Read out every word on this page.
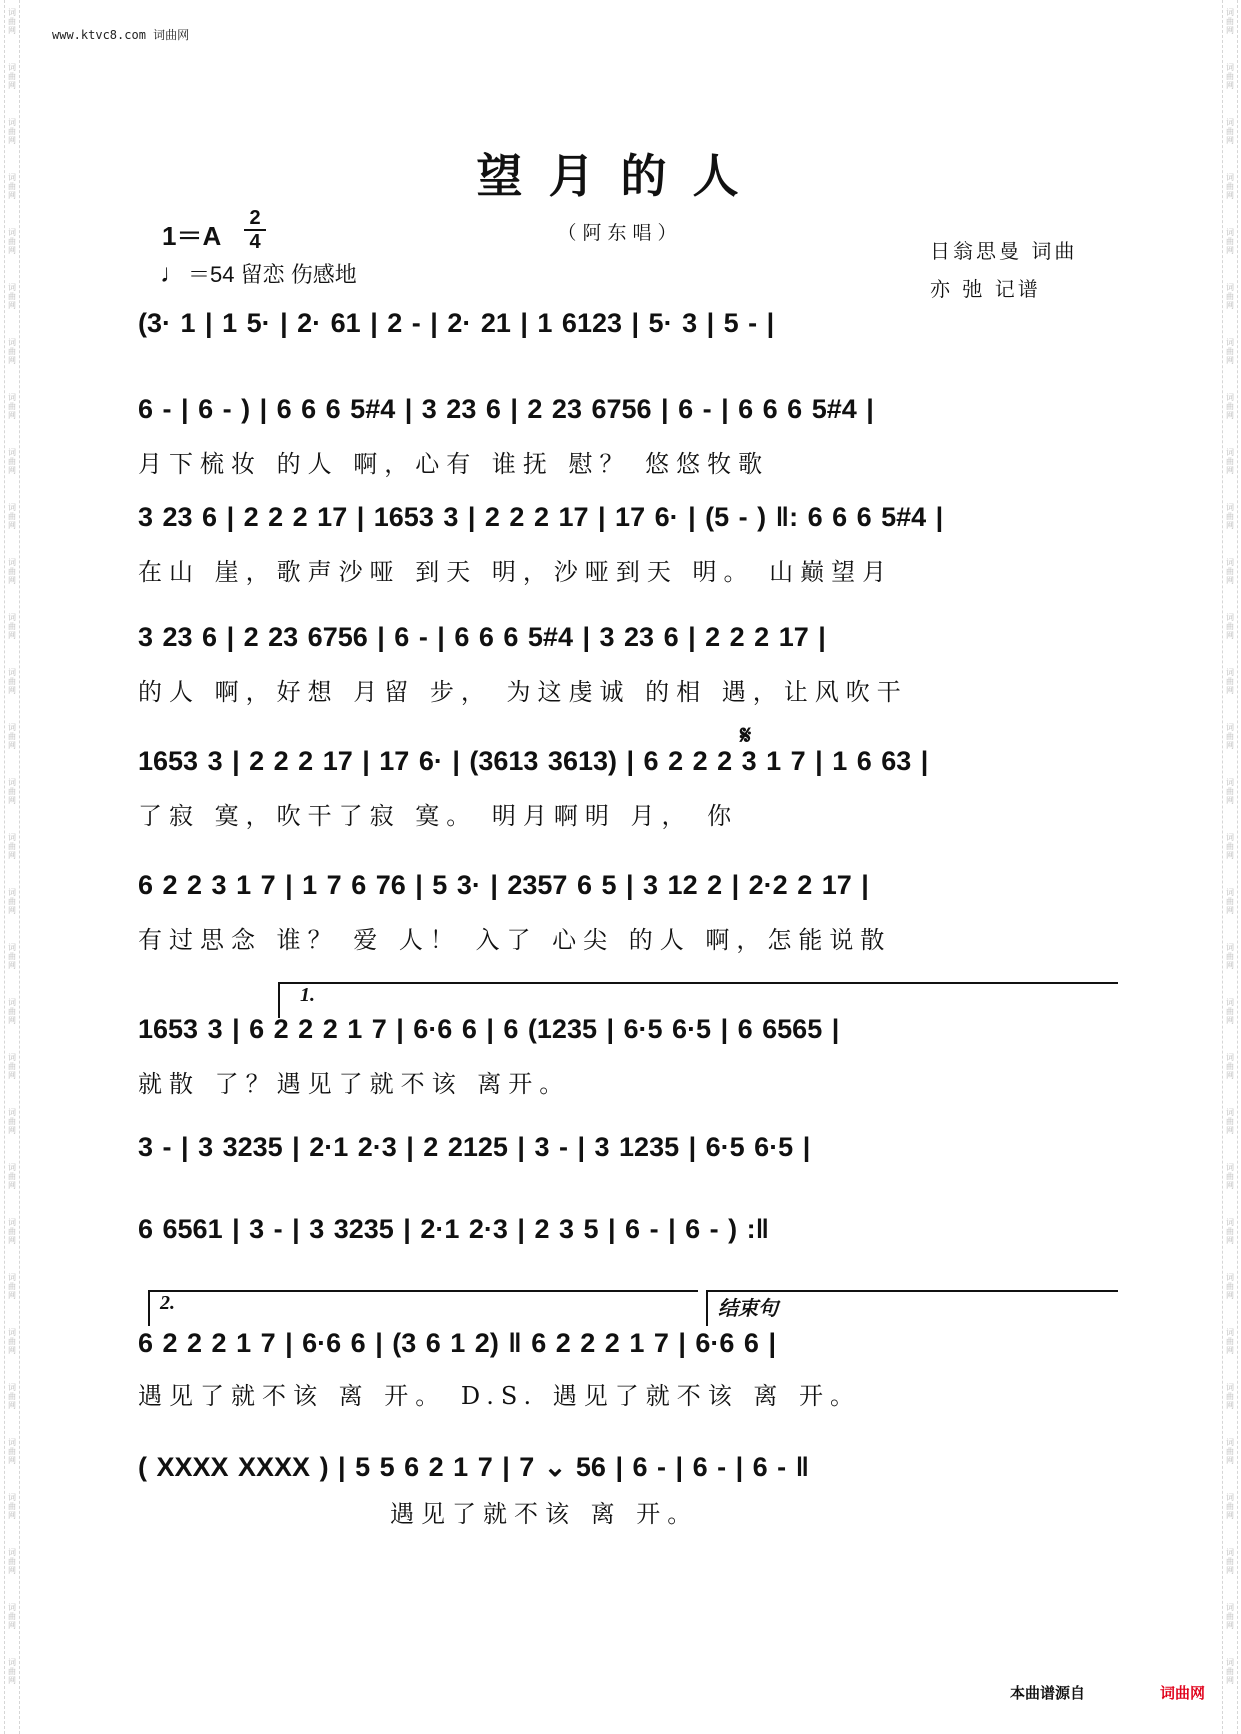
词曲网
词曲网
词曲网
词曲网
词曲网
词曲网
词曲网
词曲网
词曲网
词曲网
词曲网
词曲网
词曲网
词曲网
词曲网
词曲网
词曲网
词曲网
词曲网
词曲网
词曲网
词曲网
词曲网
词曲网
词曲网
词曲网
词曲网
词曲网
词曲网
词曲网
词曲网
词曲网
词曲网
词曲网
词曲网
词曲网
词曲网
词曲网
词曲网
词曲网
词曲网
词曲网
词曲网
词曲网
词曲网
词曲网
词曲网
词曲网
词曲网
词曲网
词曲网
词曲网
词曲网
词曲网
词曲网
词曲网
词曲网
词曲网
词曲网
词曲网
词曲网
词曲网
www.ktvc8.com 词曲网
望月的人
（阿东唱）
1＝A
2
4
♩＝54 留恋 伤感地
日翁思曼 词曲
亦 弛 记谱
(3· 1 | 1 5· | 2· 61 | 2 - | 2· 21 | 1 6123 | 5· 3 | 5 - |
6 - | 6 - ) | 6 6 6 5#4 | 3 23 6 | 2 23 6756 | 6 - | 6 6 6 5#4 |
月下梳妆 的人 啊，心有 谁抚 慰？ 悠悠牧歌
3 23 6 | 2 2 2 17 | 1653 3 | 2 2 2 17 | 17 6· | (5 - ) ‖: 6 6 6 5#4 |
在山 崖，歌声沙哑 到天 明，沙哑到天 明。 山巅望月
3 23 6 | 2 23 6756 | 6 - | 6 6 6 5#4 | 3 23 6 | 2 2 2 17 |
的人 啊，好想 月留 步， 为这虔诚 的相 遇，让风吹干
𝄋
1653 3 | 2 2 2 17 | 17 6· | (3613 3613) | 6 2 2 2 3 1 7 | 1 6 63 |
了寂 寞，吹干了寂 寞。 明月啊明 月， 你
6 2 2 3 1 7 | 1 7 6 76 | 5 3· | 2357 6 5 | 3 12 2 | 2·2 2 17 |
有过思念 谁？ 爱 人！ 入了 心尖 的人 啊，怎能说散
1.
1653 3 | 6 2 2 2 1 7 | 6·6 6 | 6 (1235 | 6·5 6·5 | 6 6565 |
就散 了？遇见了就不该 离开。
3 - | 3 3235 | 2·1 2·3 | 2 2125 | 3 - | 3 1235 | 6·5 6·5 |
6 6561 | 3 - | 3 3235 | 2·1 2·3 | 2 3 5 | 6 - | 6 - ) :‖
2.	结束句
6 2 2 2 1 7 | 6·6 6 | (3 6 1 2) ‖ 6 2 2 2 1 7 | 6·6 6 |
遇见了就不该 离 开。 D.S. 遇见了就不该 离 开。
( XXXX XXXX ) | 5 5 6 2 1 7 | 7 ⌄ 56 | 6 - | 6 - | 6 - ‖
遇见了就不该 离 开。
本曲谱源自	词曲网
